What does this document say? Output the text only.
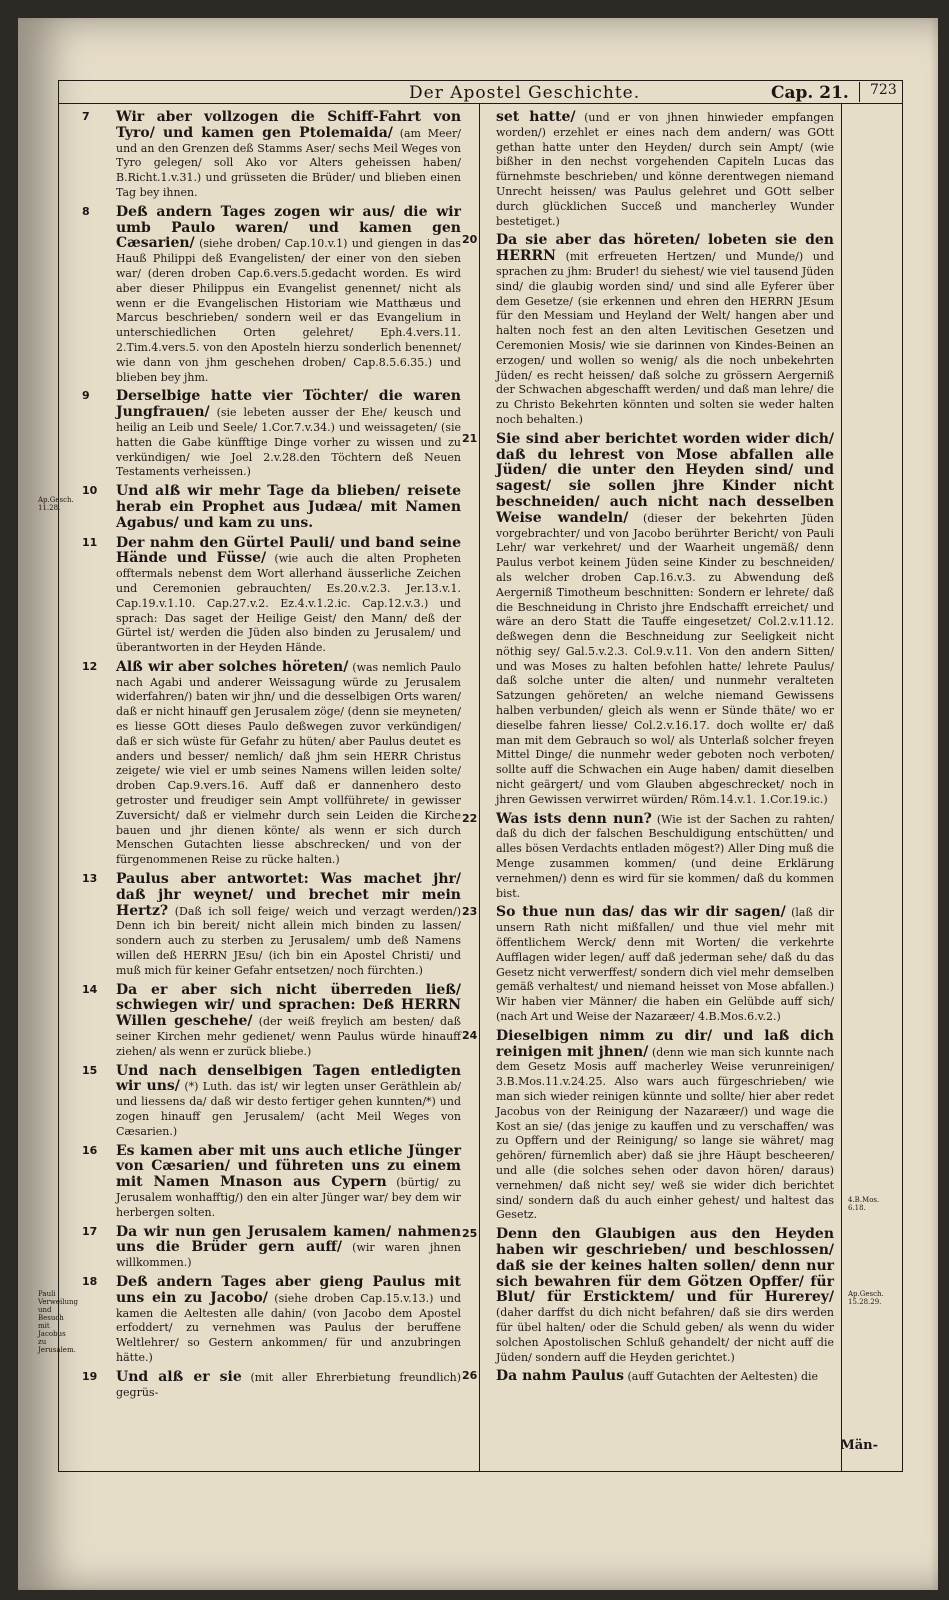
Der Apostel Geschichte.	Cap. 21.	723
7 Wir aber vollzogen die Schiff-Fahrt von Tyro/ und kamen gen Ptolemaida/ (am Meer/ und an den Grenzen deß Stamms Aser/ sechs Meil Weges von Tyro gelegen/ soll Ako vor Alters geheissen haben/ B.Richt.1.v.31.) und grüsseten die Brüder/ und blieben einen Tag bey ihnen.
8 Deß andern Tages zogen wir aus/ die wir umb Paulo waren/ und kamen gen Cæsarien/ (siehe droben/ Cap.10.v.1) und giengen in das Hauß Philippi deß Evangelisten/ der einer von den sieben war/ (deren droben Cap.6.vers.5.gedacht worden. Es wird aber dieser Philippus ein Evangelist genennet/ nicht als wenn er die Evangelischen Historiam wie Matthæus und Marcus beschrieben/ sondern weil er das Evangelium in unterschiedlichen Orten gelehret/ Eph.4.vers.11. 2.Tim.4.vers.5. von den Aposteln hierzu sonderlich benennet/ wie dann von jhm geschehen droben/ Cap.8.5.6.35.) und blieben bey jhm.
9 Derselbige hatte vier Töchter/ die waren Jungfrauen/ (sie lebeten ausser der Ehe/ keusch und heilig an Leib und Seele/ 1.Cor.7.v.34.) und weissageten/ (sie hatten die Gabe künfftige Dinge vorher zu wissen und zu verkündigen/ wie Joel 2.v.28.den Töchtern deß Neuen Testaments verheissen.)
10 Und alß wir mehr Tage da blieben/ reisete herab ein Prophet aus Judæa/ mit Namen Agabus/ und kam zu uns.
11 Der nahm den Gürtel Pauli/ und band seine Hände und Füsse/ (wie auch die alten Propheten offtermals nebenst dem Wort allerhand äusserliche Zeichen und Ceremonien gebrauchten/ Es.20.v.2.3. Jer.13.v.1. Cap.19.v.1.10. Cap.27.v.2. Ez.4.v.1.2.ic. Cap.12.v.3.) und sprach: Das saget der Heilige Geist/ den Mann/ deß der Gürtel ist/ werden die Jüden also binden zu Jerusalem/ und überantworten in der Heyden Hände.
12 Alß wir aber solches höreten/ (was nemlich Paulo nach Agabi und anderer Weissagung würde zu Jerusalem widerfahren/) baten wir jhn/ und die desselbigen Orts waren/ daß er nicht hinauff gen Jerusalem zöge/ (denn sie meyneten/ es liesse GOtt dieses Paulo deßwegen zuvor verkündigen/ daß er sich wüste für Gefahr zu hüten/ aber Paulus deutet es anders und besser/ nemlich/ daß jhm sein HERR Christus zeigete/ wie viel er umb seines Namens willen leiden solte/ droben Cap.9.vers.16. Auff daß er dannenhero desto getroster und freudiger sein Ampt vollführete/ in gewisser Zuversicht/ daß er vielmehr durch sein Leiden die Kirche bauen und jhr dienen könte/ als wenn er sich durch Menschen Gutachten liesse abschrecken/ und von der fürgenommenen Reise zu rücke halten.)
13 Paulus aber antwortet: Was machet jhr/ daß jhr weynet/ und brechet mir mein Hertz? (Daß ich soll feige/ weich und verzagt werden/) Denn ich bin bereit/ nicht allein mich binden zu lassen/ sondern auch zu sterben zu Jerusalem/ umb deß Namens willen deß HERRN JEsu/ (ich bin ein Apostel Christi/ und muß mich für keiner Gefahr entsetzen/ noch fürchten.)
14 Da er aber sich nicht überreden ließ/ schwiegen wir/ und sprachen: Deß HERRN Willen geschehe/ (der weiß freylich am besten/ daß seiner Kirchen mehr gedienet/ wenn Paulus würde hinauff ziehen/ als wenn er zurück bliebe.)
15 Und nach denselbigen Tagen entledigten wir uns/ (*) Luth. das ist/ wir legten unser Geräthlein ab/ und liessens da/ daß wir desto fertiger gehen kunnten/*) und zogen hinauff gen Jerusalem/ (acht Meil Weges von Cæsarien.)
16 Es kamen aber mit uns auch etliche Jünger von Cæsarien/ und führeten uns zu einem mit Namen Mnason aus Cypern (bürtig/ zu Jerusalem wonhafftig/) den ein alter Jünger war/ bey dem wir herbergen solten.
17 Da wir nun gen Jerusalem kamen/ nahmen uns die Brüder gern auff/ (wir waren jhnen willkommen.)
18 Deß andern Tages aber gieng Paulus mit uns ein zu Jacobo/ (siehe droben Cap.15.v.13.) und kamen die Aeltesten alle dahin/ (von Jacobo dem Apostel erfoddert/ zu vernehmen was Paulus der beruffene Weltlehrer/ so Gestern ankommen/ für und anzubringen hätte.)
19 Und alß er sie (mit aller Ehrerbietung freundlich) gegrüs-
set hatte/ (und er von jhnen hinwieder empfangen worden/) erzehlet er eines nach dem andern/ was GOtt gethan hatte unter den Heyden/ durch sein Ampt/ (wie bißher in den nechst vorgehenden Capiteln Lucas das fürnehmste beschrieben/ und könne derentwegen niemand Unrecht heissen/ was Paulus gelehret und GOtt selber durch glücklichen Succeß und mancherley Wunder bestetiget.)
20 Da sie aber das höreten/ lobeten sie den HERRN (mit erfreueten Hertzen/ und Munde/) und sprachen zu jhm: Bruder! du siehest/ wie viel tausend Jüden sind/ die glaubig worden sind/ und sind alle Eyferer über dem Gesetze/ (sie erkennen und ehren den HERRN JEsum für den Messiam und Heyland der Welt/ hangen aber und halten noch fest an den alten Levitischen Gesetzen und Ceremonien Mosis/ wie sie darinnen von Kindes-Beinen an erzogen/ und wollen so wenig/ als die noch unbekehrten Jüden/ es recht heissen/ daß solche zu grössern Aergerniß der Schwachen abgeschafft werden/ und daß man lehre/ die zu Christo Bekehrten könnten und solten sie weder halten noch behalten.)
21 Sie sind aber berichtet worden wider dich/ daß du lehrest von Mose abfallen alle Jüden/ die unter den Heyden sind/ und sagest/ sie sollen jhre Kinder nicht beschneiden/ auch nicht nach desselben Weise wandeln/ (dieser der bekehrten Jüden vorgebrachter/ und von Jacobo berührter Bericht/ von Pauli Lehr/ war verkehret/ und der Waarheit ungemäß/ denn Paulus verbot keinem Jüden seine Kinder zu beschneiden/ als welcher droben Cap.16.v.3. zu Abwendung deß Aergerniß Timotheum beschnitten: Sondern er lehrete/ daß die Beschneidung in Christo jhre Endschafft erreichet/ und wäre an dero Statt die Tauffe eingesetzet/ Col.2.v.11.12. deßwegen denn die Beschneidung zur Seeligkeit nicht nöthig sey/ Gal.5.v.2.3. Col.9.v.11. Von den andern Sitten/ und was Moses zu halten befohlen hatte/ lehrete Paulus/ daß solche unter die alten/ und nunmehr veralteten Satzungen gehöreten/ an welche niemand Gewissens halben verbunden/ gleich als wenn er Sünde thäte/ wo er dieselbe fahren liesse/ Col.2.v.16.17. doch wollte er/ daß man mit dem Gebrauch so wol/ als Unterlaß solcher freyen Mittel Dinge/ die nunmehr weder geboten noch verboten/ sollte auff die Schwachen ein Auge haben/ damit dieselben nicht geärgert/ und vom Glauben abgeschrecket/ noch in jhren Gewissen verwirret würden/ Röm.14.v.1. 1.Cor.19.ic.)
22 Was ists denn nun? (Wie ist der Sachen zu rahten/ daß du dich der falschen Beschuldigung entschütten/ und alles bösen Verdachts entladen mögest?) Aller Ding muß die Menge zusammen kommen/ (und deine Erklärung vernehmen/) denn es wird für sie kommen/ daß du kommen bist.
23 So thue nun das/ das wir dir sagen/ (laß dir unsern Rath nicht mißfallen/ und thue viel mehr mit öffentlichem Werck/ denn mit Worten/ die verkehrte Aufflagen wider legen/ auff daß jederman sehe/ daß du das Gesetz nicht verwerffest/ sondern dich viel mehr demselben gemäß verhaltest/ und niemand heisset von Mose abfallen.) Wir haben vier Männer/ die haben ein Gelübde auff sich/ (nach Art und Weise der Nazaræer/ 4.B.Mos.6.v.2.)
24 Dieselbigen nimm zu dir/ und laß dich reinigen mit jhnen/ (denn wie man sich kunnte nach dem Gesetz Mosis auff macherley Weise verunreinigen/ 3.B.Mos.11.v.24.25. Also wars auch fürgeschrieben/ wie man sich wieder reinigen künnte und sollte/ hier aber redet Jacobus von der Reinigung der Nazaræer/) und wage die Kost an sie/ (das jenige zu kauffen und zu verschaffen/ was zu Opffern und der Reinigung/ so lange sie währet/ mag gehören/ fürnemlich aber) daß sie jhre Häupt bescheeren/ und alle (die solches sehen oder davon hören/ daraus) vernehmen/ daß nicht sey/ weß sie wider dich berichtet sind/ sondern daß du auch einher gehest/ und haltest das Gesetz.
25 Denn den Glaubigen aus den Heyden haben wir geschrieben/ und beschlossen/ daß sie der keines halten sollen/ denn nur sich bewahren für dem Götzen Opffer/ für Blut/ für Ersticktem/ und für Hurerey/ (daher darffst du dich nicht befahren/ daß sie dirs werden für übel halten/ oder die Schuld geben/ als wenn du wider solchen Apostolischen Schluß gehandelt/ der nicht auff die Jüden/ sondern auff die Heyden gerichtet.)
26 Da nahm Paulus (auff Gutachten der Aeltesten) die
Ap.Gesch. 11.28.
Pauli Verweilung und Besuch mit Jacobus zu Jerusalem.
4.B.Mos. 6.18.
Ap.Gesch. 15.28.29.
Män-
